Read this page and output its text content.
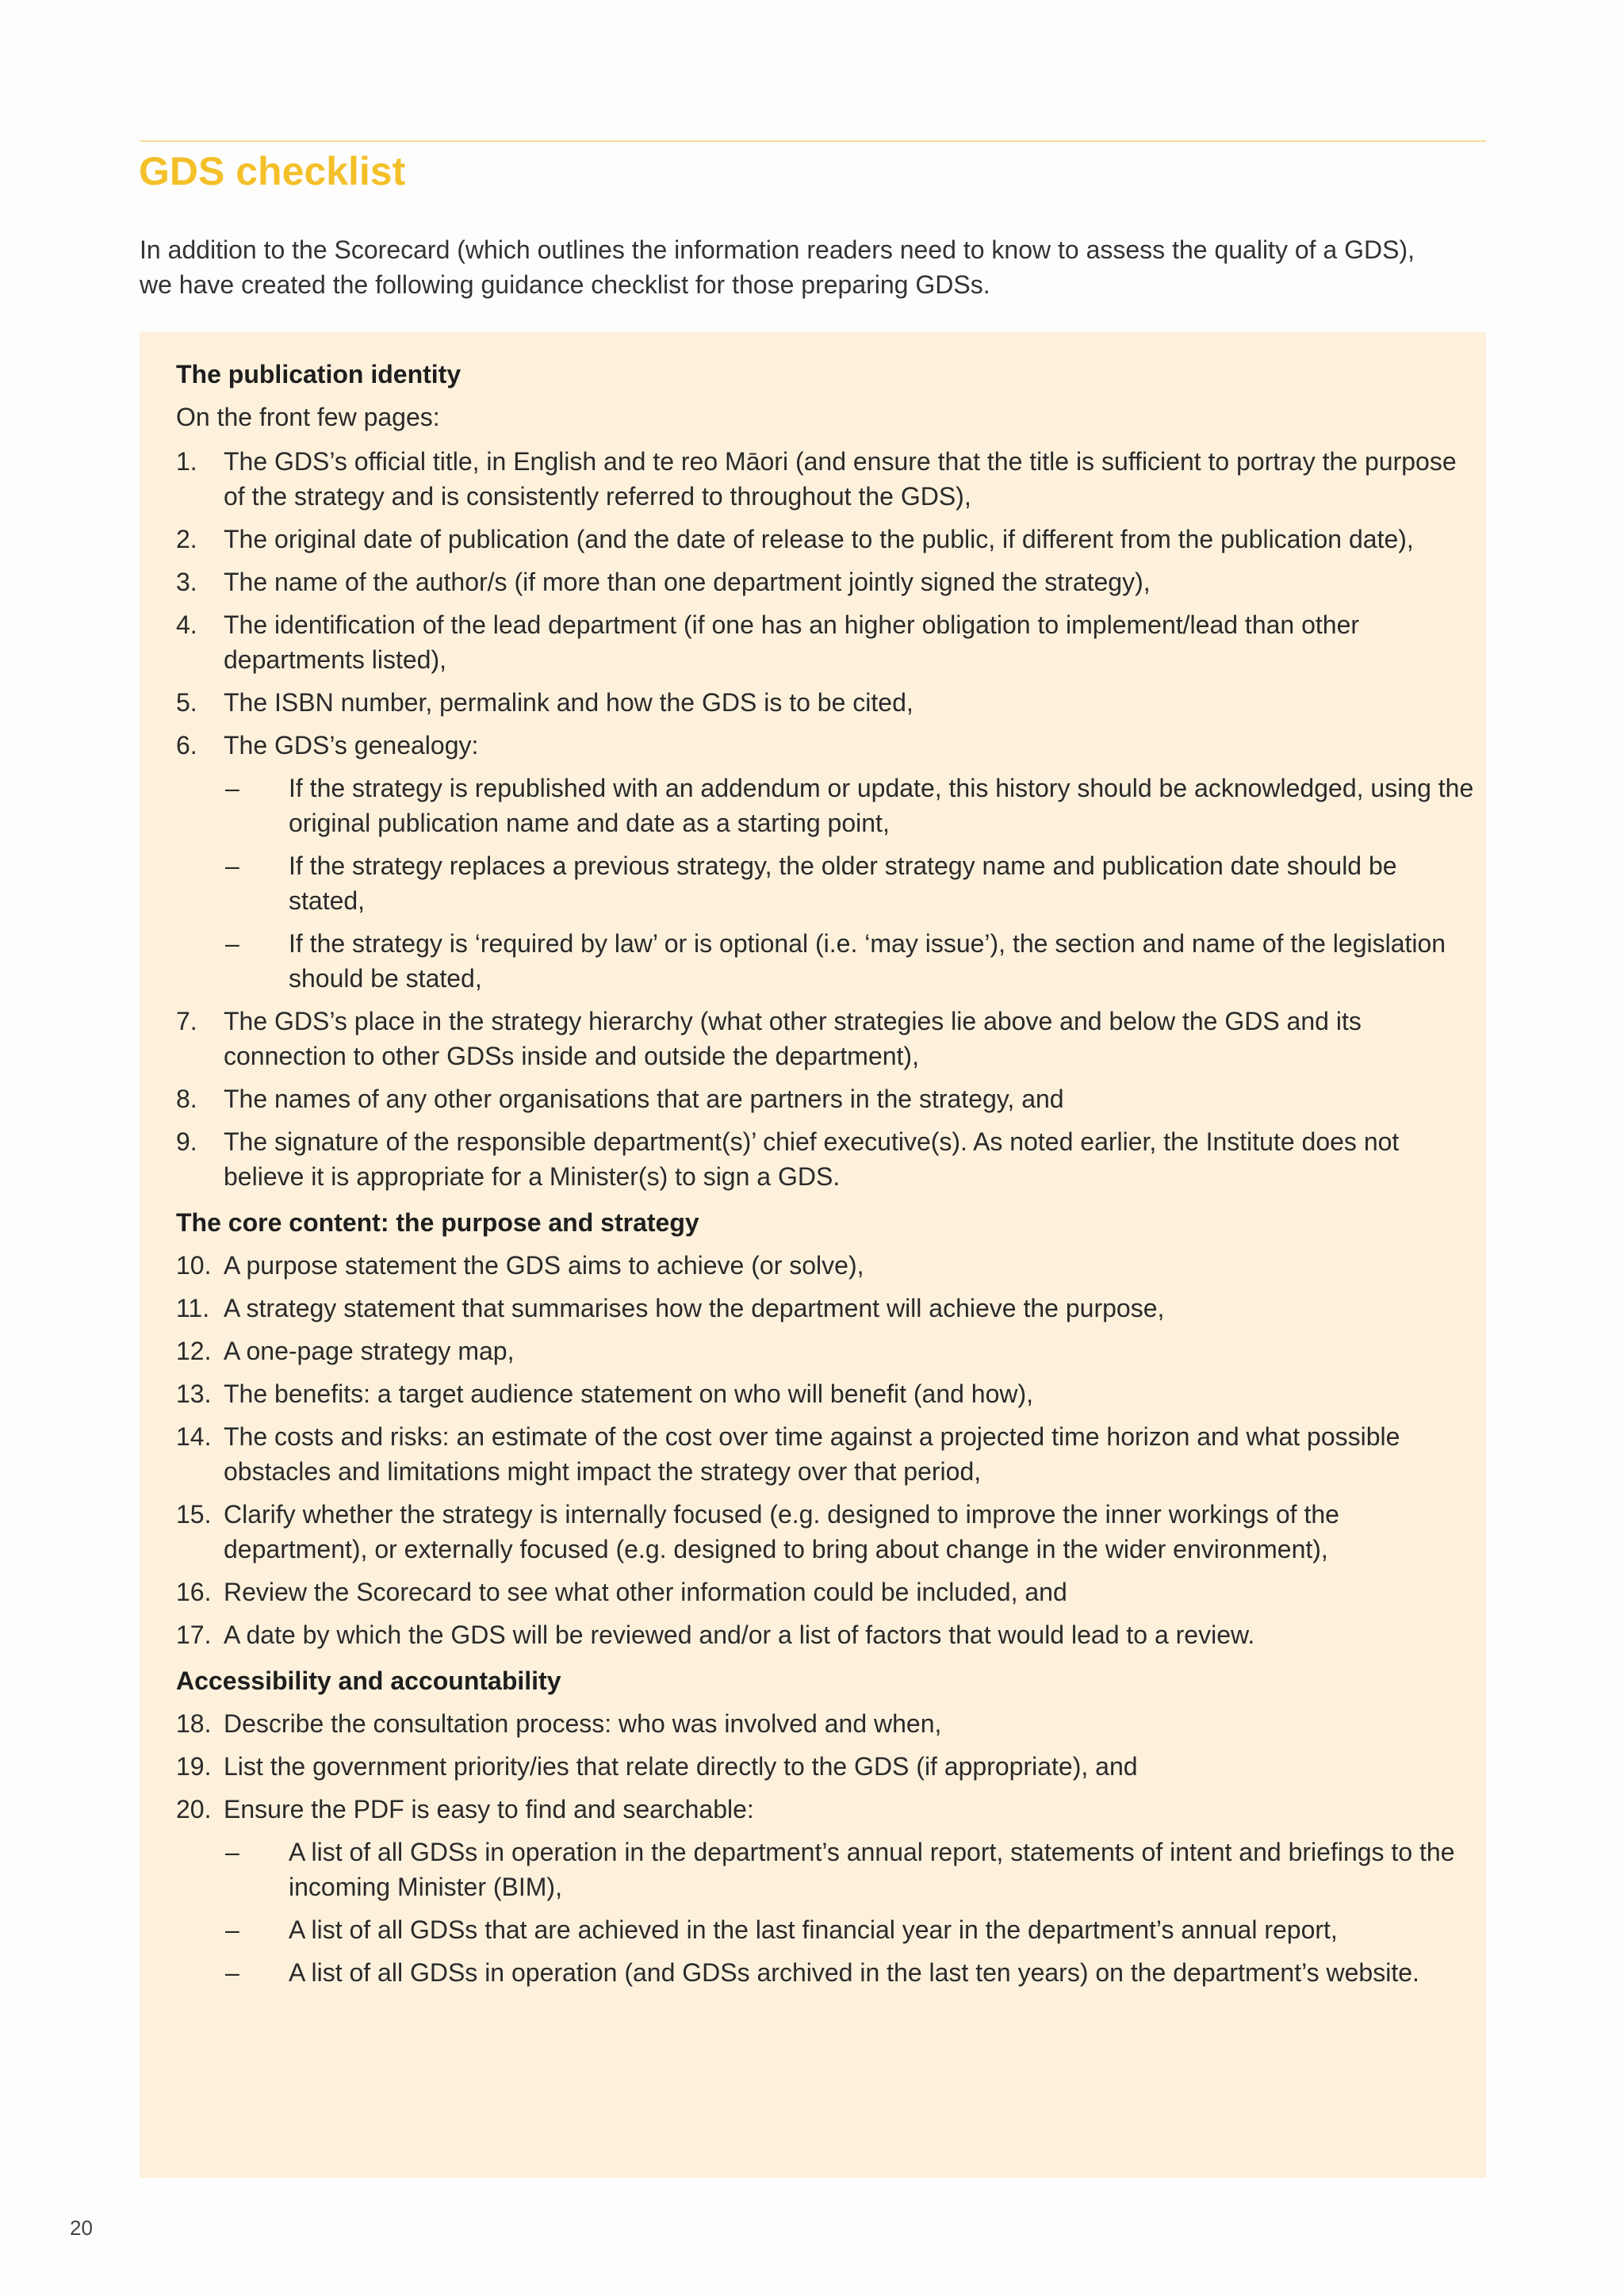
GDS checklist

In addition to the Scorecard (which outlines the information readers need to know to assess the quality of a GDS), we have created the following guidance checklist for those preparing GDSs.

The publication identity
On the front few pages:
1.	The GDS’s official title, in English and te reo Māori (and ensure that the title is sufficient to portray the purpose of the strategy and is consistently referred to throughout the GDS),
2.	The original date of publication (and the date of release to the public, if different from the publication date),
3.	The name of the author/s (if more than one department jointly signed the strategy),
4.	The identification of the lead department (if one has an higher obligation to implement/lead than other departments listed),
5.	The ISBN number, permalink and how the GDS is to be cited,
6.	The GDS’s genealogy:
–	If the strategy is republished with an addendum or update, this history should be acknowledged, using the original publication name and date as a starting point,
–	If the strategy replaces a previous strategy, the older strategy name and publication date should be stated,
–	If the strategy is ‘required by law’ or is optional (i.e. ‘may issue’), the section and name of the legislation should be stated,
7.	The GDS’s place in the strategy hierarchy (what other strategies lie above and below the GDS and its connection to other GDSs inside and outside the department),
8.	The names of any other organisations that are partners in the strategy, and
9.	The signature of the responsible department(s)’ chief executive(s). As noted earlier, the Institute does not believe it is appropriate for a Minister(s) to sign a GDS.
The core content: the purpose and strategy
10. A purpose statement the GDS aims to achieve (or solve),
11. A strategy statement that summarises how the department will achieve the purpose,
12. A one-page strategy map,
13. The benefits: a target audience statement on who will benefit (and how),
14. The costs and risks: an estimate of the cost over time against a projected time horizon and what possible obstacles and limitations might impact the strategy over that period,
15. Clarify whether the strategy is internally focused (e.g. designed to improve the inner workings of the department), or externally focused (e.g. designed to bring about change in the wider environment),
16. Review the Scorecard to see what other information could be included, and
17. A date by which the GDS will be reviewed and/or a list of factors that would lead to a review.
Accessibility and accountability
18. Describe the consultation process: who was involved and when,
19. List the government priority/ies that relate directly to the GDS (if appropriate), and
20. Ensure the PDF is easy to find and searchable:
–	A list of all GDSs in operation in the department’s annual report, statements of intent and briefings to the incoming Minister (BIM),
–	A list of all GDSs that are achieved in the last financial year in the department’s annual report,
–	A list of all GDSs in operation (and GDSs archived in the last ten years) on the department’s website.
20
